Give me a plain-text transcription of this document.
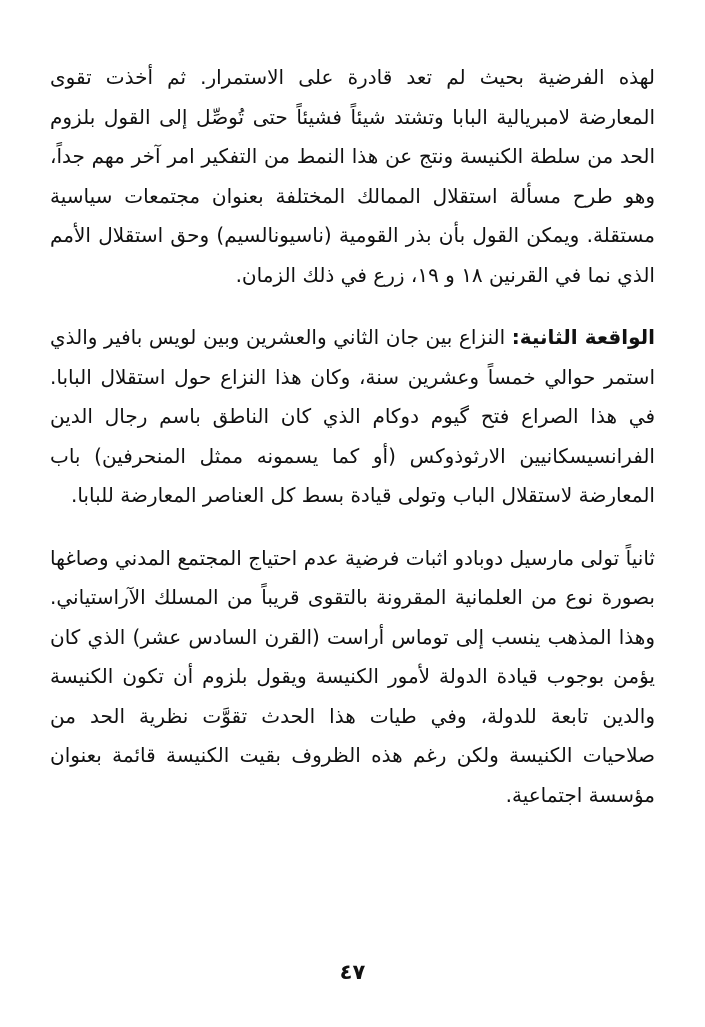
لهذه الفرضية بحيث لم تعد قادرة على الاستمرار. ثم أخذت تقوى المعارضة لامبريالية البابا وتشتد شيئاً فشيئاً حتى تُوصِّل إلى القول بلزوم الحد من سلطة الكنيسة ونتج عن هذا النمط من التفكير امر آخر مهم جداً، وهو طرح مسألة استقلال الممالك المختلفة بعنوان مجتمعات سياسية مستقلة. ويمكن القول بأن بذر القومية (ناسيونالسيم) وحق استقلال الأمم الذي نما في القرنين ١٨ و ١٩، زرع في ذلك الزمان.

الواقعة الثانية: النزاع بين جان الثاني والعشرين وبين لويس بافير والذي استمر حوالي خمساً وعشرين سنة، وكان هذا النزاع حول استقلال البابا. في هذا الصراع فتح گيوم دوكام الذي كان الناطق باسم رجال الدين الفرانسيسكانيين الارثوذوكس (أو كما يسمونه ممثل المنحرفين) باب المعارضة لاستقلال الباب وتولى قيادة بسط كل العناصر المعارضة للبابا.

ثانياً تولى مارسيل دوبادو اثبات فرضية عدم احتياج المجتمع المدني وصاغها بصورة نوع من العلمانية المقرونة بالتقوى قريباً من المسلك الآراستياني. وهذا المذهب ينسب إلى توماس أراست (القرن السادس عشر) الذي كان يؤمن بوجوب قيادة الدولة لأمور الكنيسة ويقول بلزوم أن تكون الكنيسة والدين تابعة للدولة، وفي طيات هذا الحدث تقوَّت نظرية الحد من صلاحيات الكنيسة ولكن رغم هذه الظروف بقيت الكنيسة قائمة بعنوان مؤسسة اجتماعية.

٤٧
